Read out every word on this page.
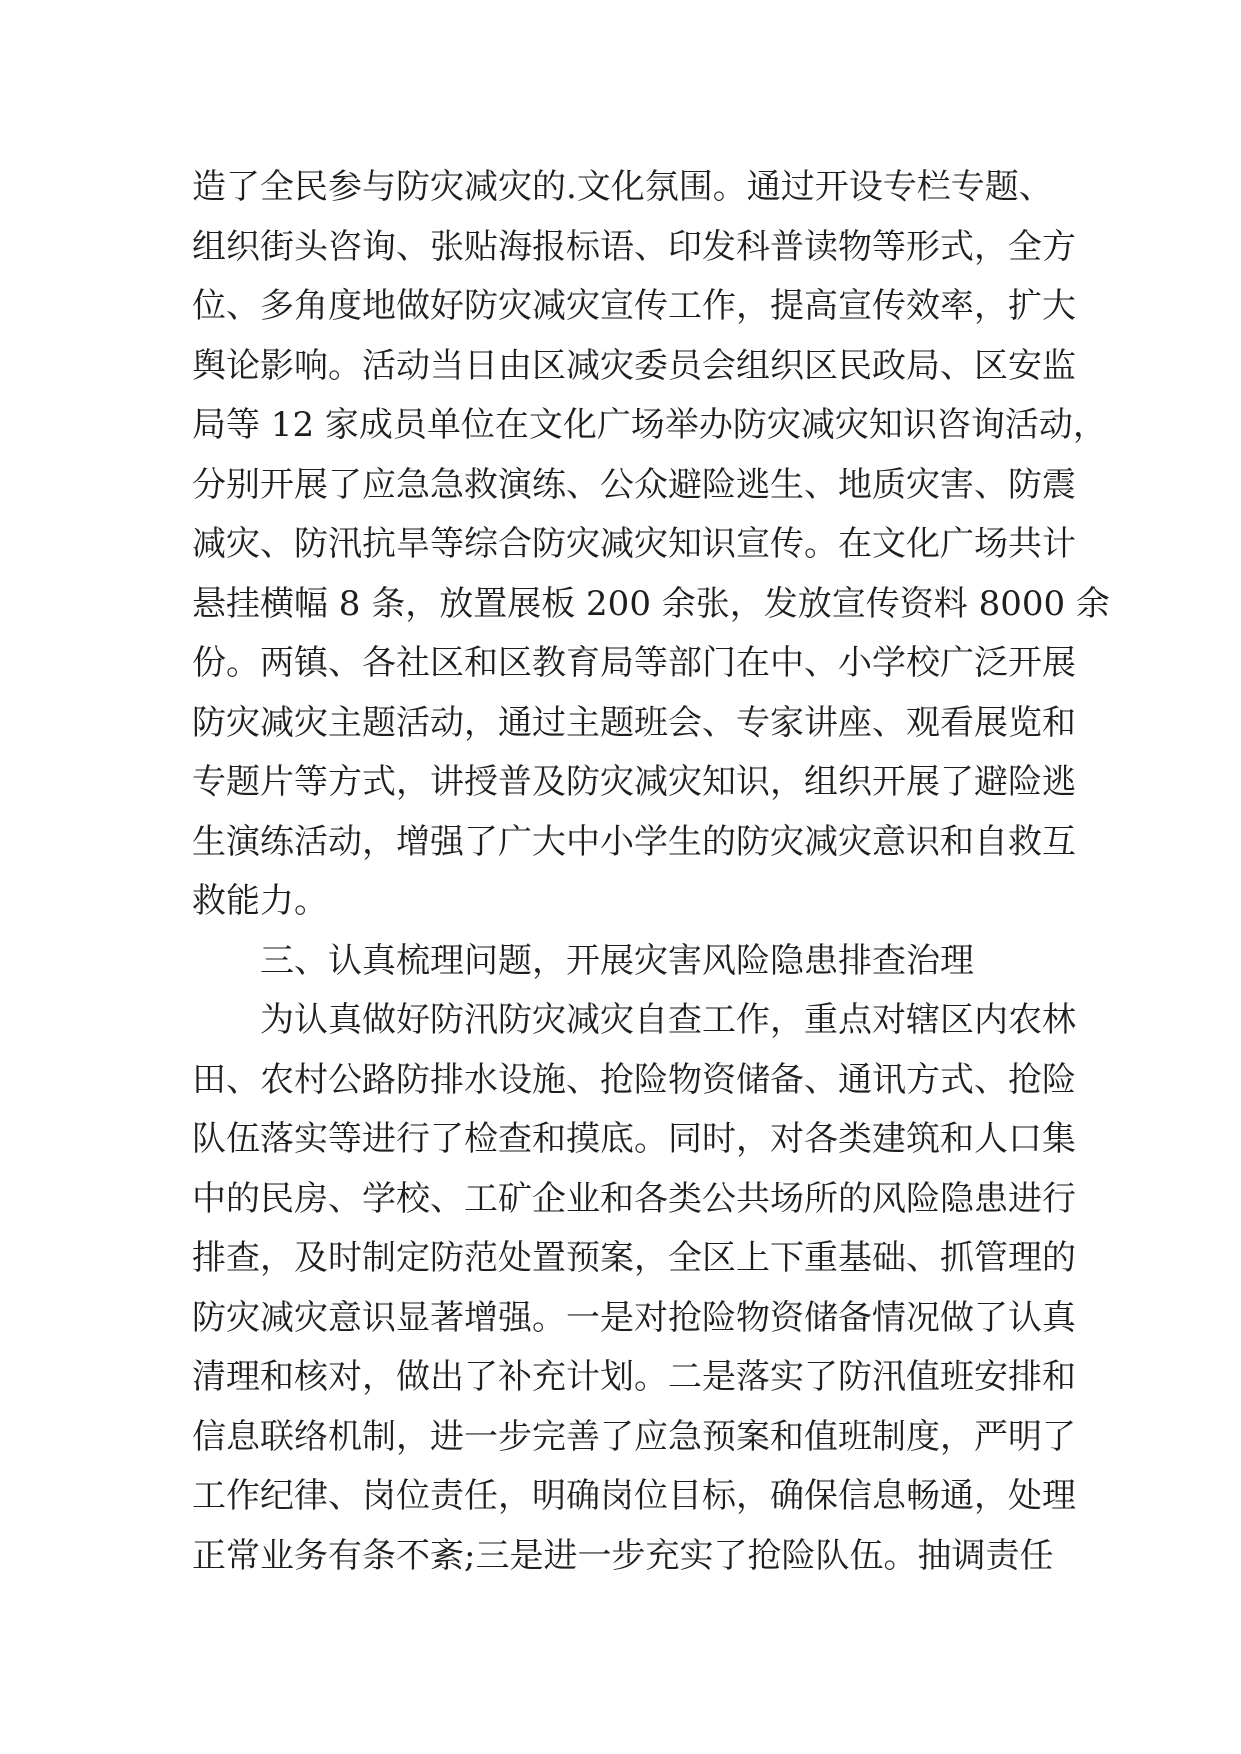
造了全民参与防灾减灾的.文化氛围。通过开设专栏专题、
组织街头咨询、张贴海报标语、印发科普读物等形式，全方
位、多角度地做好防灾减灾宣传工作，提高宣传效率，扩大
舆论影响。活动当日由区减灾委员会组织区民政局、区安监
局等 12 家成员单位在文化广场举办防灾减灾知识咨询活动，
分别开展了应急急救演练、公众避险逃生、地质灾害、防震
减灾、防汛抗旱等综合防灾减灾知识宣传。在文化广场共计
悬挂横幅 8 条，放置展板 200 余张，发放宣传资料 8000 余
份。两镇、各社区和区教育局等部门在中、小学校广泛开展
防灾减灾主题活动，通过主题班会、专家讲座、观看展览和
专题片等方式，讲授普及防灾减灾知识，组织开展了避险逃
生演练活动，增强了广大中小学生的防灾减灾意识和自救互
救能力。
三、认真梳理问题，开展灾害风险隐患排查治理
为认真做好防汛防灾减灾自查工作，重点对辖区内农林
田、农村公路防排水设施、抢险物资储备、通讯方式、抢险
队伍落实等进行了检查和摸底。同时，对各类建筑和人口集
中的民房、学校、工矿企业和各类公共场所的风险隐患进行
排查，及时制定防范处置预案，全区上下重基础、抓管理的
防灾减灾意识显著增强。一是对抢险物资储备情况做了认真
清理和核对，做出了补充计划。二是落实了防汛值班安排和
信息联络机制，进一步完善了应急预案和值班制度，严明了
工作纪律、岗位责任，明确岗位目标，确保信息畅通，处理
正常业务有条不紊;三是进一步充实了抢险队伍。抽调责任
